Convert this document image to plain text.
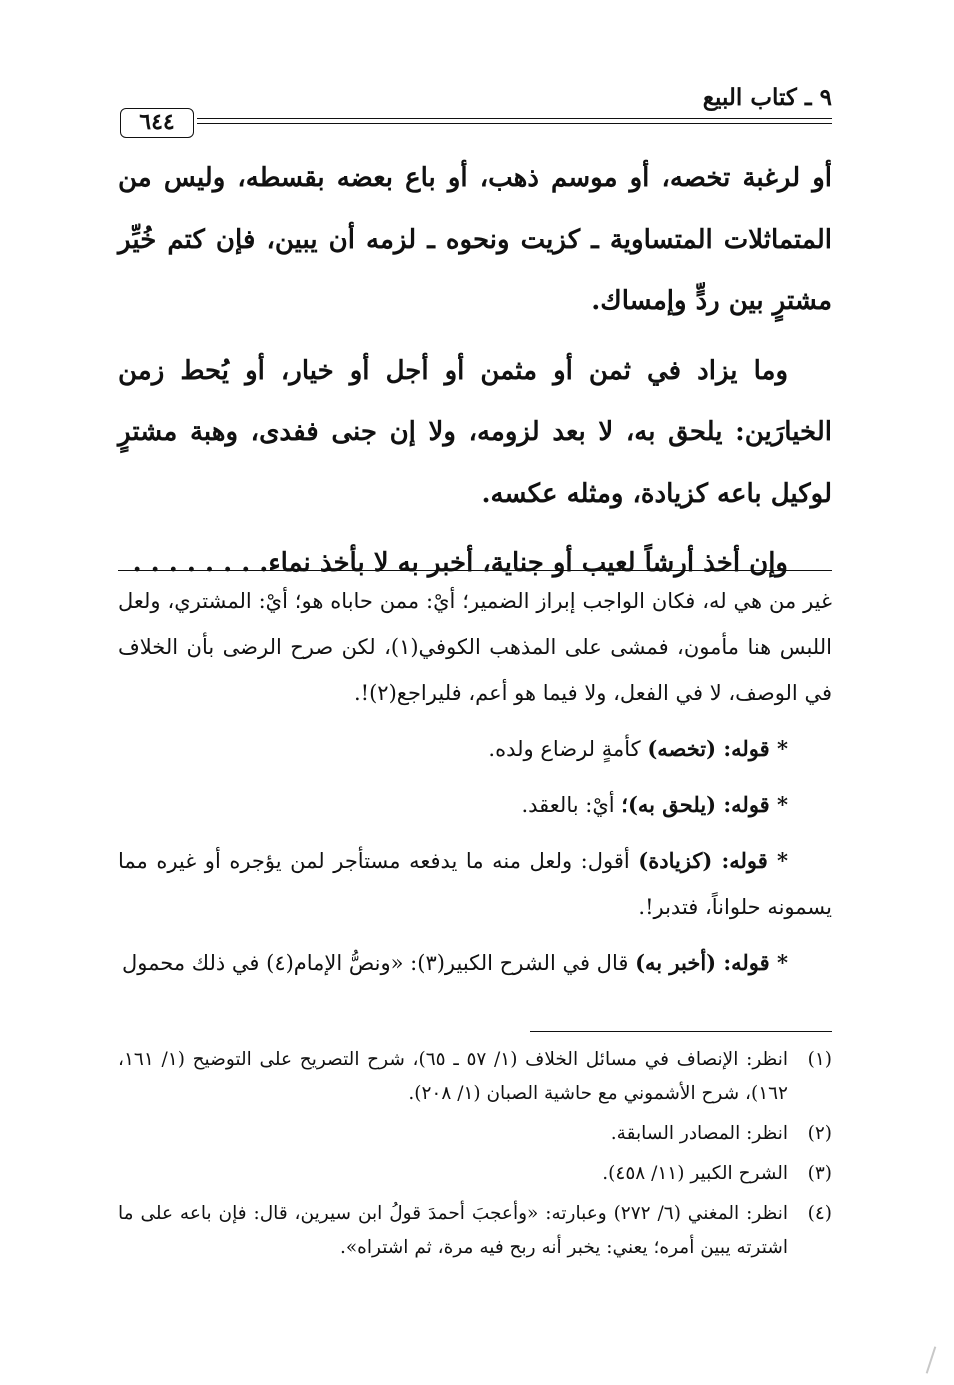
٩ ـ كتاب البيع
٦٤٤

أو لرغبة تخصه، أو موسم ذهب، أو باع بعضه بقسطه، وليس من المتماثلات المتساوية ـ كزيت ونحوه ـ لزمه أن يبين، فإن كتم خُيِّر مشترٍ بين ردٍّ وإمساك.

وما يزاد في ثمن أو مثمن أو أجل أو خيار، أو يُحط زمن الخيارَين: يلحق به، لا بعد لزومه، ولا إن جنى ففدى، وهبة مشترٍ لوكيل باعه كزيادة، ومثله عكسه.

وإن أخذ أرشاً لعيب أو جناية، أخبر به لا بأخذ نماء. . . . . . . .

غير من هي له، فكان الواجب إبراز الضمير؛ أيْ: ممن حاباه هو؛ أيْ: المشتري، ولعل اللبس هنا مأمون، فمشى على المذهب الكوفي(١)، لكن صرح الرضى بأن الخلاف في الوصف، لا في الفعل، ولا فيما هو أعم، فليراجع(٢)!.

* قوله: (تخصه) كأمةٍ لرضاع ولده.

* قوله: (يلحق به)؛ أيْ: بالعقد.

* قوله: (كزيادة) أقول: ولعل منه ما يدفعه مستأجر لمن يؤجره أو غيره مما يسمونه حلواناً، فتدبر!.

* قوله: (أخبر به) قال في الشرح الكبير(٣): «ونصُّ الإمام(٤) في ذلك محمول

(١)
انظر: الإنصاف في مسائل الخلاف (١/ ٥٧ ـ ٦٥)، شرح التصريح على التوضيح (١/ ١٦١، ١٦٢)، شرح الأشموني مع حاشية الصبان (١/ ٢٠٨).
(٢)
انظر: المصادر السابقة.
(٣)
الشرح الكبير (١١/ ٤٥٨).
(٤)
انظر: المغني (٦/ ٢٧٢) وعبارته: «وأعجبَ أحمدَ قولُ ابن سيرين، قال: فإن باعه على ما اشترته يبين أمره؛ يعني: يخبر أنه ربح فيه مرة، ثم اشتراه».
